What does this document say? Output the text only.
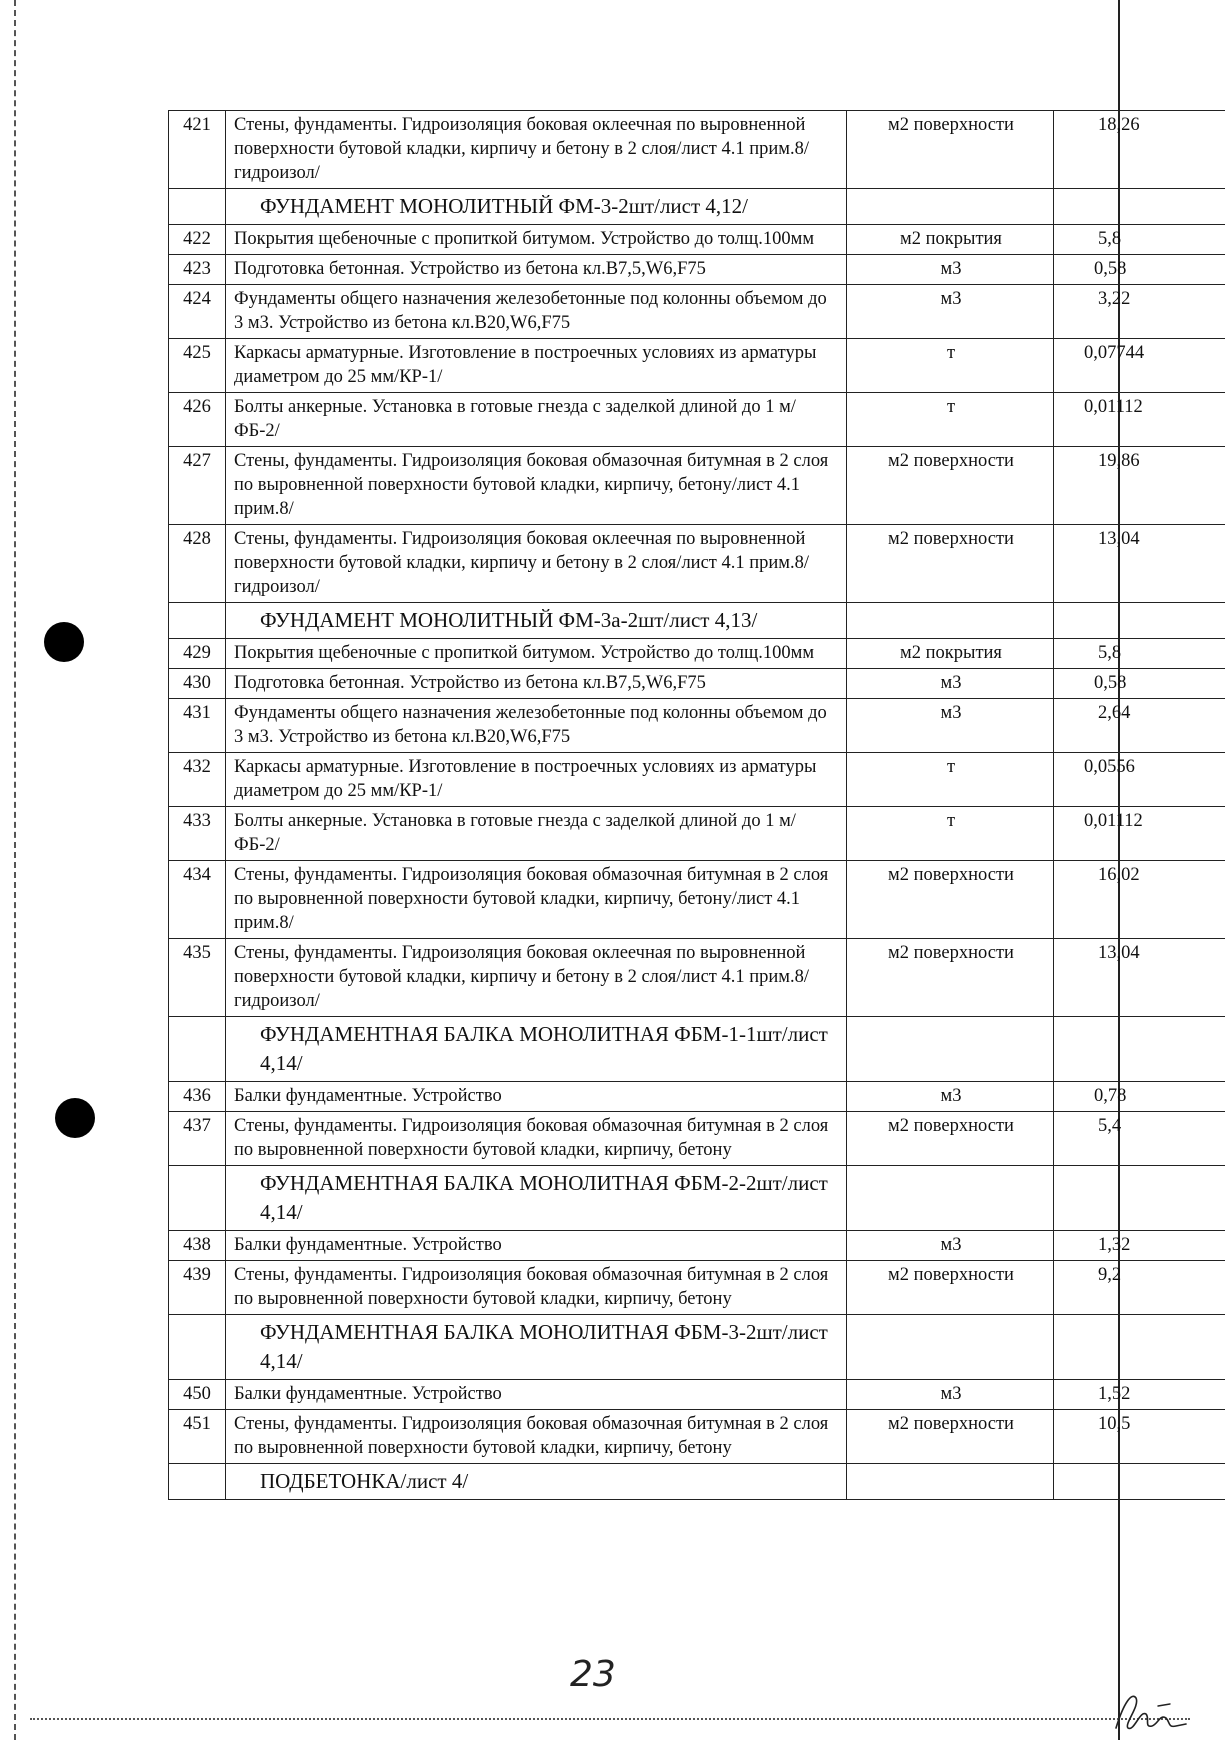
421	Стены, фундаменты. Гидроизоляция боковая оклеечная по выровненной поверхности бутовой кладки, кирпичу и бетону в 2 слоя/лист 4.1 прим.8/гидроизол/	м2 поверхности	18,26
	ФУНДАМЕНТ МОНОЛИТНЫЙ ФМ-3-2шт/лист 4,12/		
422	Покрытия щебеночные с пропиткой битумом. Устройство до толщ.100мм	м2 покрытия	5,8
423	Подготовка бетонная. Устройство из бетона кл.В7,5,W6,F75	м3	0,58
424	Фундаменты общего назначения железобетонные под колонны объемом до 3 м3. Устройство из бетона кл.В20,W6,F75	м3	3,22
425	Каркасы арматурные. Изготовление в построечных условиях из арматуры диаметром до 25 мм/КР-1/	т	0,07744
426	Болты анкерные. Установка в готовые гнезда с заделкой длиной до 1 м/ФБ-2/	т	0,01112
427	Стены, фундаменты. Гидроизоляция боковая обмазочная битумная в 2 слоя по выровненной поверхности бутовой кладки, кирпичу, бетону/лист 4.1 прим.8/	м2 поверхности	19,86
428	Стены, фундаменты. Гидроизоляция боковая оклеечная по выровненной поверхности бутовой кладки, кирпичу и бетону в 2 слоя/лист 4.1 прим.8/гидроизол/	м2 поверхности	13,04
	ФУНДАМЕНТ МОНОЛИТНЫЙ ФМ-3а-2шт/лист 4,13/		
429	Покрытия щебеночные с пропиткой битумом. Устройство до толщ.100мм	м2 покрытия	5,8
430	Подготовка бетонная. Устройство из бетона кл.В7,5,W6,F75	м3	0,58
431	Фундаменты общего назначения железобетонные под колонны объемом до 3 м3. Устройство из бетона кл.В20,W6,F75	м3	2,64
432	Каркасы арматурные. Изготовление в построечных условиях из арматуры диаметром до 25 мм/КР-1/	т	0,0556
433	Болты анкерные. Установка в готовые гнезда с заделкой длиной до 1 м/ФБ-2/	т	0,01112
434	Стены, фундаменты. Гидроизоляция боковая обмазочная битумная в 2 слоя по выровненной поверхности бутовой кладки, кирпичу, бетону/лист 4.1 прим.8/	м2 поверхности	16,02
435	Стены, фундаменты. Гидроизоляция боковая оклеечная по выровненной поверхности бутовой кладки, кирпичу и бетону в 2 слоя/лист 4.1 прим.8/гидроизол/	м2 поверхности	13,04
	ФУНДАМЕНТНАЯ БАЛКА МОНОЛИТНАЯ ФБМ-1-1шт/лист 4,14/		
436	Балки фундаментные. Устройство	м3	0,78
437	Стены, фундаменты. Гидроизоляция боковая обмазочная битумная в 2 слоя по выровненной поверхности бутовой кладки, кирпичу, бетону	м2 поверхности	5,4
	ФУНДАМЕНТНАЯ БАЛКА МОНОЛИТНАЯ ФБМ-2-2шт/лист 4,14/		
438	Балки фундаментные. Устройство	м3	1,32
439	Стены, фундаменты. Гидроизоляция боковая обмазочная битумная в 2 слоя по выровненной поверхности бутовой кладки, кирпичу, бетону	м2 поверхности	9,2
	ФУНДАМЕНТНАЯ БАЛКА МОНОЛИТНАЯ ФБМ-3-2шт/лист 4,14/		
450	Балки фундаментные. Устройство	м3	1,52
451	Стены, фундаменты. Гидроизоляция боковая обмазочная битумная в 2 слоя по выровненной поверхности бутовой кладки, кирпичу, бетону	м2 поверхности	10,5
	ПОДБЕТОНКА/лист 4/		
23
